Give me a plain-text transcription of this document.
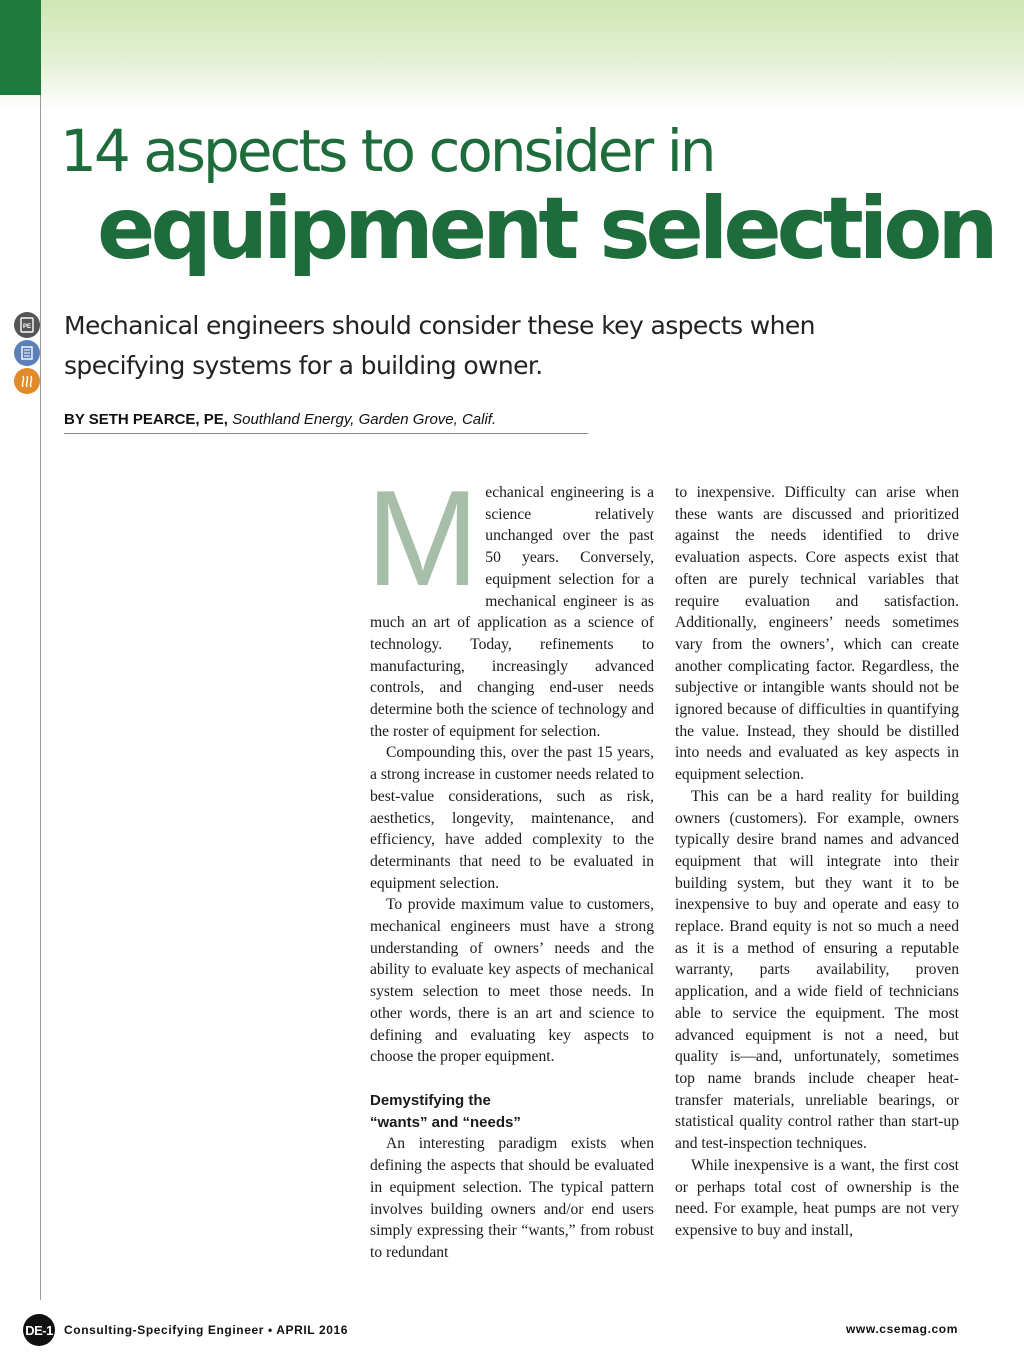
14 aspects to consider in
equipment selection
PE Mechanical engineers should consider these key aspects when specifying systems for a building owner.

BY SETH PEARCE, PE, Southland Energy, Garden Grove, Calif.
M echanical engineering is a science relatively unchanged over the past 50 years. Conversely, equipment selection for a mechanical engineer is as much an art of application as a science of technology. Today, refinements to manufacturing, increasingly advanced controls, and changing end-user needs determine both the science of technology and the roster of equipment for selection.

Compounding this, over the past 15 years, a strong increase in customer needs related to best-value considerations, such as risk, aesthetics, longevity, maintenance, and efficiency, have added complexity to the determinants that need to be evaluated in equipment selection.

To provide maximum value to customers, mechanical engineers must have a strong understanding of owners’ needs and the ability to evaluate key aspects of mechanical system selection to meet those needs. In other words, there is an art and science to defining and evaluating key aspects to choose the proper equipment.

Demystifying the
“wants” and “needs”

An interesting paradigm exists when defining the aspects that should be evaluated in equipment selection. The typical pattern involves building owners and/or end users simply expressing their “wants,” from robust to redundant

to inexpensive. Difficulty can arise when these wants are discussed and prioritized against the needs identified to drive evaluation aspects. Core aspects exist that often are purely technical variables that require evaluation and satisfaction. Additionally, engineers’ needs sometimes vary from the owners’, which can create another complicating factor. Regardless, the subjective or intangible wants should not be ignored because of difficulties in quantifying the value. Instead, they should be distilled into needs and evaluated as key aspects in equipment selection.

This can be a hard reality for building owners (customers). For example, owners typically desire brand names and advanced equipment that will integrate into their building system, but they want it to be inexpensive to buy and operate and easy to replace. Brand equity is not so much a need as it is a method of ensuring a reputable warranty, parts availability, proven application, and a wide field of technicians able to service the equipment. The most advanced equipment is not a need, but quality is—and, unfortunately, sometimes top name brands include cheaper heat-transfer materials, unreliable bearings, or statistical quality control rather than start-up and test-inspection techniques.

While inexpensive is a want, the first cost or perhaps total cost of ownership is the need. For example, heat pumps are not very expensive to buy and install,

DE-1 Consulting-Specifying Engineer • APRIL 2016	www.csemag.com
